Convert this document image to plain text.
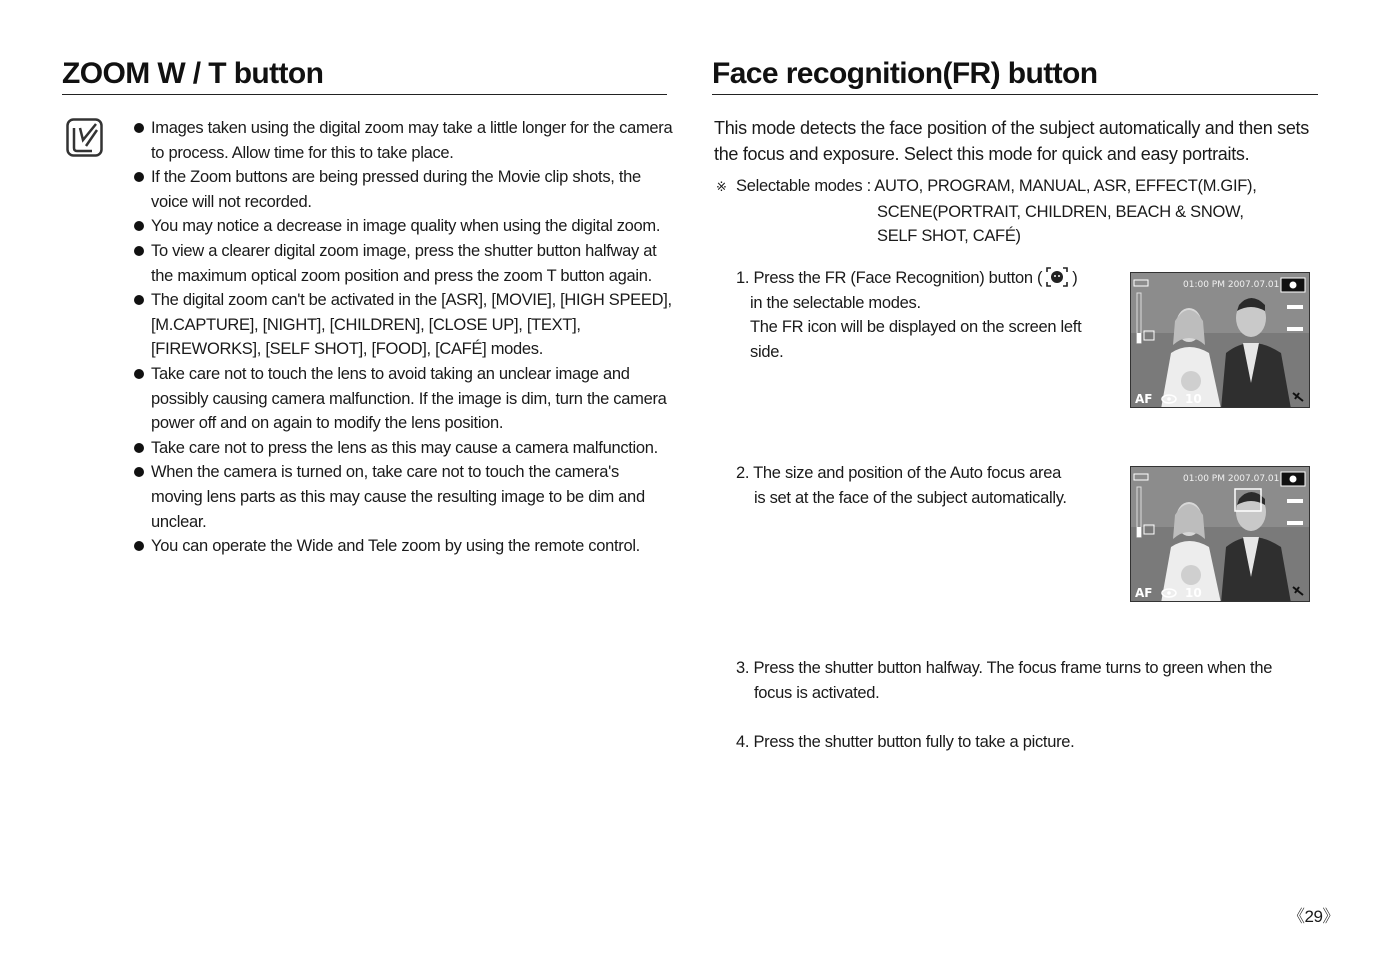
ZOOM W / T button
Images taken using the digital zoom may take a little longer for the camera to process. Allow time for this to take place.
If the Zoom buttons are being pressed during the Movie clip shots, the voice will not recorded.
You may notice a decrease in image quality when using the digital zoom.
To view a clearer digital zoom image, press the shutter button halfway at the maximum optical zoom position and press the zoom T button again.
The digital zoom can't be activated in the [ASR], [MOVIE], [HIGH SPEED], [M.CAPTURE], [NIGHT], [CHILDREN], [CLOSE UP], [TEXT], [FIREWORKS], [SELF SHOT], [FOOD], [CAFÉ] modes.
Take care not to touch the lens to avoid taking an unclear image and possibly causing camera malfunction. If the image is dim, turn the camera power off and on again to modify the lens position.
Take care not to press the lens as this may cause a camera malfunction.
When the camera is turned on, take care not to touch the camera's moving lens parts as this may cause the resulting image to be dim and unclear.
You can operate the Wide and Tele zoom by using the remote control.
Face recognition(FR) button

This mode detects the face position of the subject automatically and then sets
the focus and exposure. Select this mode for quick and easy portraits.

※ Selectable modes : AUTO, PROGRAM, MANUAL, ASR, EFFECT(M.GIF),
SCENE(PORTRAIT, CHILDREN, BEACH & SNOW,
SELF SHOT, CAFÉ)
1. Press the FR (Face Recognition) button ( )
in the selectable modes.
The FR icon will be displayed on the screen left
side.
01:00 PM 2007.07.01
AF	10
2. The size and position of the Auto focus area
is set at the face of the subject automatically.
01:00 PM 2007.07.01
AF	10
3. Press the shutter button halfway. The focus frame turns to green when the
focus is activated.
4. Press the shutter button fully to take a picture.
《29》
